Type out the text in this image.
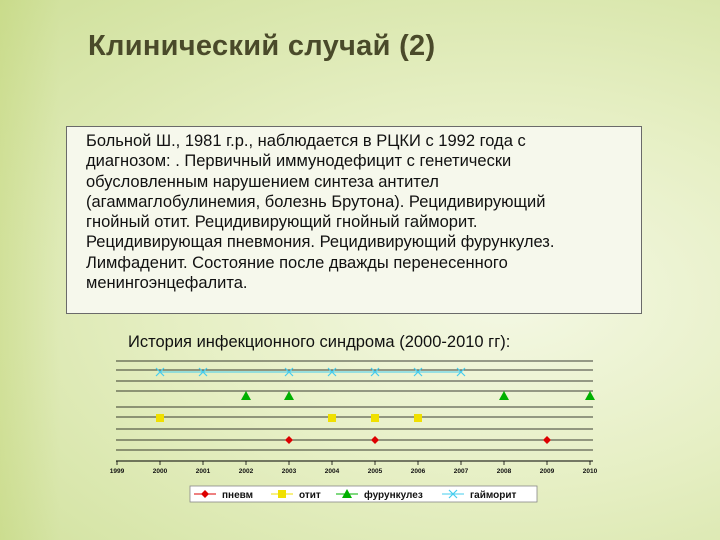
Клинический случай (2)
Больной Ш., 1981 г.р., наблюдается в РЦКИ с 1992 года с
диагнозом: . Первичный иммунодефицит с генетически
обусловленным нарушением синтеза антител
(агаммаглобулинемия, болезнь Брутона). Рецидивирующий
гнойный отит. Рецидивирующий гнойный гайморит.
Рецидивирующая пневмония. Рецидивирующий фурункулез.
Лимфаденит. Состояние после дважды перенесенного
менингоэнцефалита.
История инфекционного синдрома (2000-2010 гг):
1999	2000	2001	2002	2003	2004	2005	2006	2007	2008	2009	2010
пневм	отит	фурункулез	гайморит
